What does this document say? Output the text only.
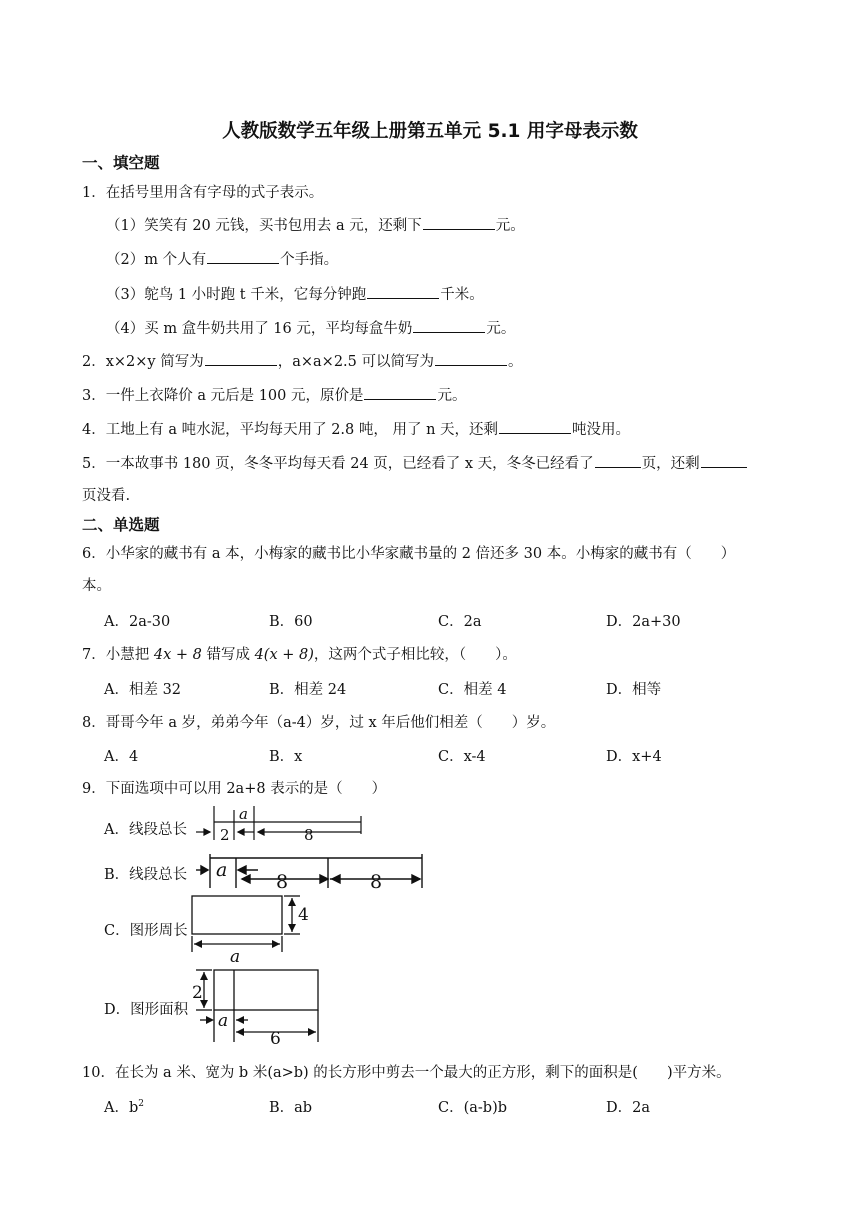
人教版数学五年级上册第五单元 5.1 用字母表示数
一、填空题
1．在括号里用含有字母的式子表示。
（1）笑笑有 20 元钱，买书包用去 a 元，还剩下	元。
（2）m 个人有	个手指。
（3）鸵鸟 1 小时跑 t 千米，它每分钟跑	千米。
（4）买 m 盒牛奶共用了 16 元，平均每盒牛奶	元。
2．x×2×y 简写为	，a×a×2.5 可以简写为	。
3．一件上衣降价 a 元后是 100 元，原价是	元。
4．工地上有 a 吨水泥，平均每天用了 2.8 吨， 用了 n 天，还剩	吨没用。
5．一本故事书 180 页，冬冬平均每天看 24 页，已经看了 x 天，冬冬已经看了	页，还剩
页没看.
二、单选题
6．小华家的藏书有 a 本，小梅家的藏书比小华家藏书量的 2 倍还多 30 本。小梅家的藏书有（　　）
本。
A．2a-30	B．60	C．2a	D．2a+30
7．小慧把 4x + 8 错写成 4(x + 8)，这两个式子相比较，（　　）。
A．相差 32	B．相差 24	C．相差 4	D．相等
8．哥哥今年 a 岁，弟弟今年（a-4）岁，过 x 年后他们相差（　　）岁。
A．4	B．x	C．x-4	D．x+4
9．下面选项中可以用 2a+8 表示的是（　　）
A．线段总长
a
2	8
B．线段总长 a
8	8
C．图形周长
4
a
D．图形面积
2
a
6
10．在长为 a 米、宽为 b 米(a>b) 的长方形中剪去一个最大的正方形，剩下的面积是(　　)平方米。
A．$b^2$	B．ab	C．(a-b)b	D．2a
